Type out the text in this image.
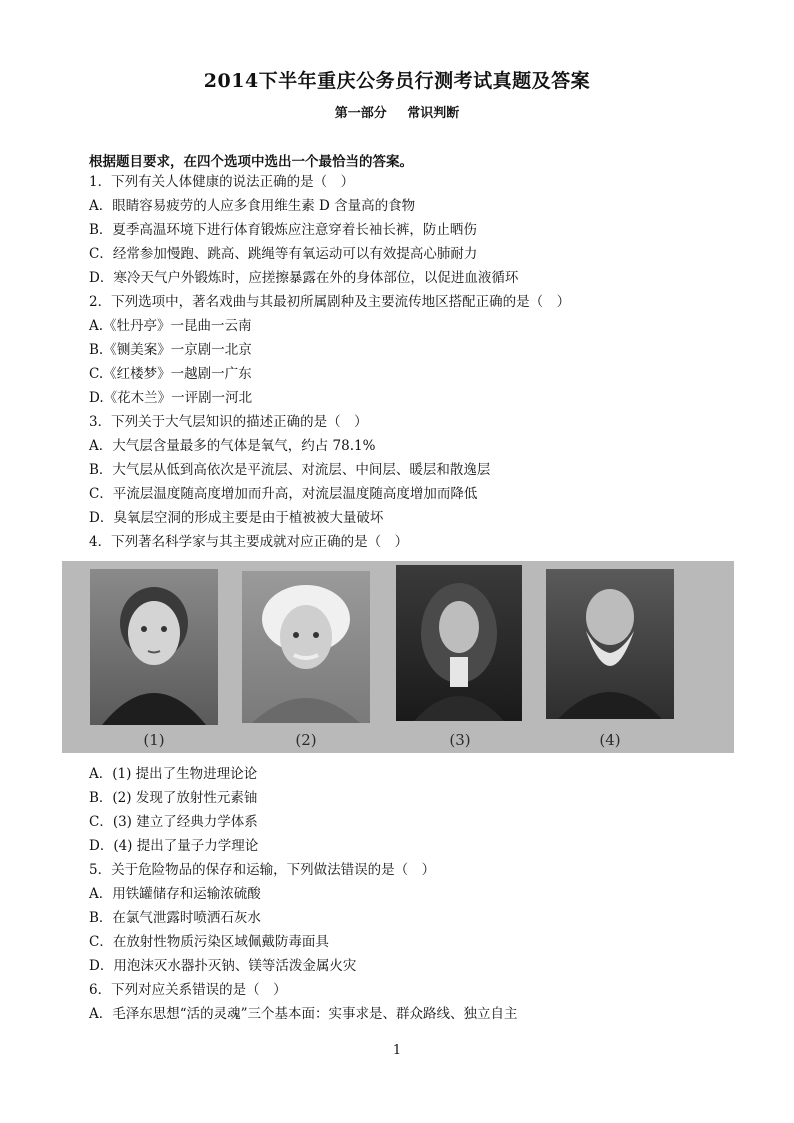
2014下半年重庆公务员行测考试真题及答案
第一部分 常识判断
根据题目要求，在四个选项中选出一个最恰当的答案。
1．下列有关人体健康的说法正确的是（　）
A．眼睛容易疲劳的人应多食用维生素 D 含量高的食物
B．夏季高温环境下进行体育锻炼应注意穿着长袖长裤，防止晒伤
C．经常参加慢跑、跳高、跳绳等有氧运动可以有效提高心肺耐力
D．寒冷天气户外锻炼时，应搓擦暴露在外的身体部位，以促进血液循环
2．下列选项中，著名戏曲与其最初所属剧种及主要流传地区搭配正确的是（　）
A.《牡丹亭》一昆曲一云南
B.《铡美案》一京剧一北京
C.《红楼梦》一越剧一广东
D.《花木兰》一评剧一河北
3．下列关于大气层知识的描述正确的是（　）
A．大气层含量最多的气体是氧气，约占 78.1%
B．大气层从低到高依次是平流层、对流层、中间层、暖层和散逸层
C．平流层温度随高度增加而升高，对流层温度随高度增加而降低
D．臭氧层空洞的形成主要是由于植被被大量破坏
4．下列著名科学家与其主要成就对应正确的是（　）
(1)	(2)	(3)	(4)
A．(1) 提出了生物进理论论
B．(2) 发现了放射性元素铀
C．(3) 建立了经典力学体系
D．(4) 提出了量子力学理论
5．关于危险物品的保存和运输，下列做法错误的是（　）
A．用铁罐储存和运输浓硫酸
B．在氯气泄露时喷洒石灰水
C．在放射性物质污染区域佩戴防毒面具
D．用泡沫灭水器扑灭钠、镁等活泼金属火灾
6．下列对应关系错误的是（　）
A．毛泽东思想“活的灵魂”三个基本面：实事求是、群众路线、独立自主
1
